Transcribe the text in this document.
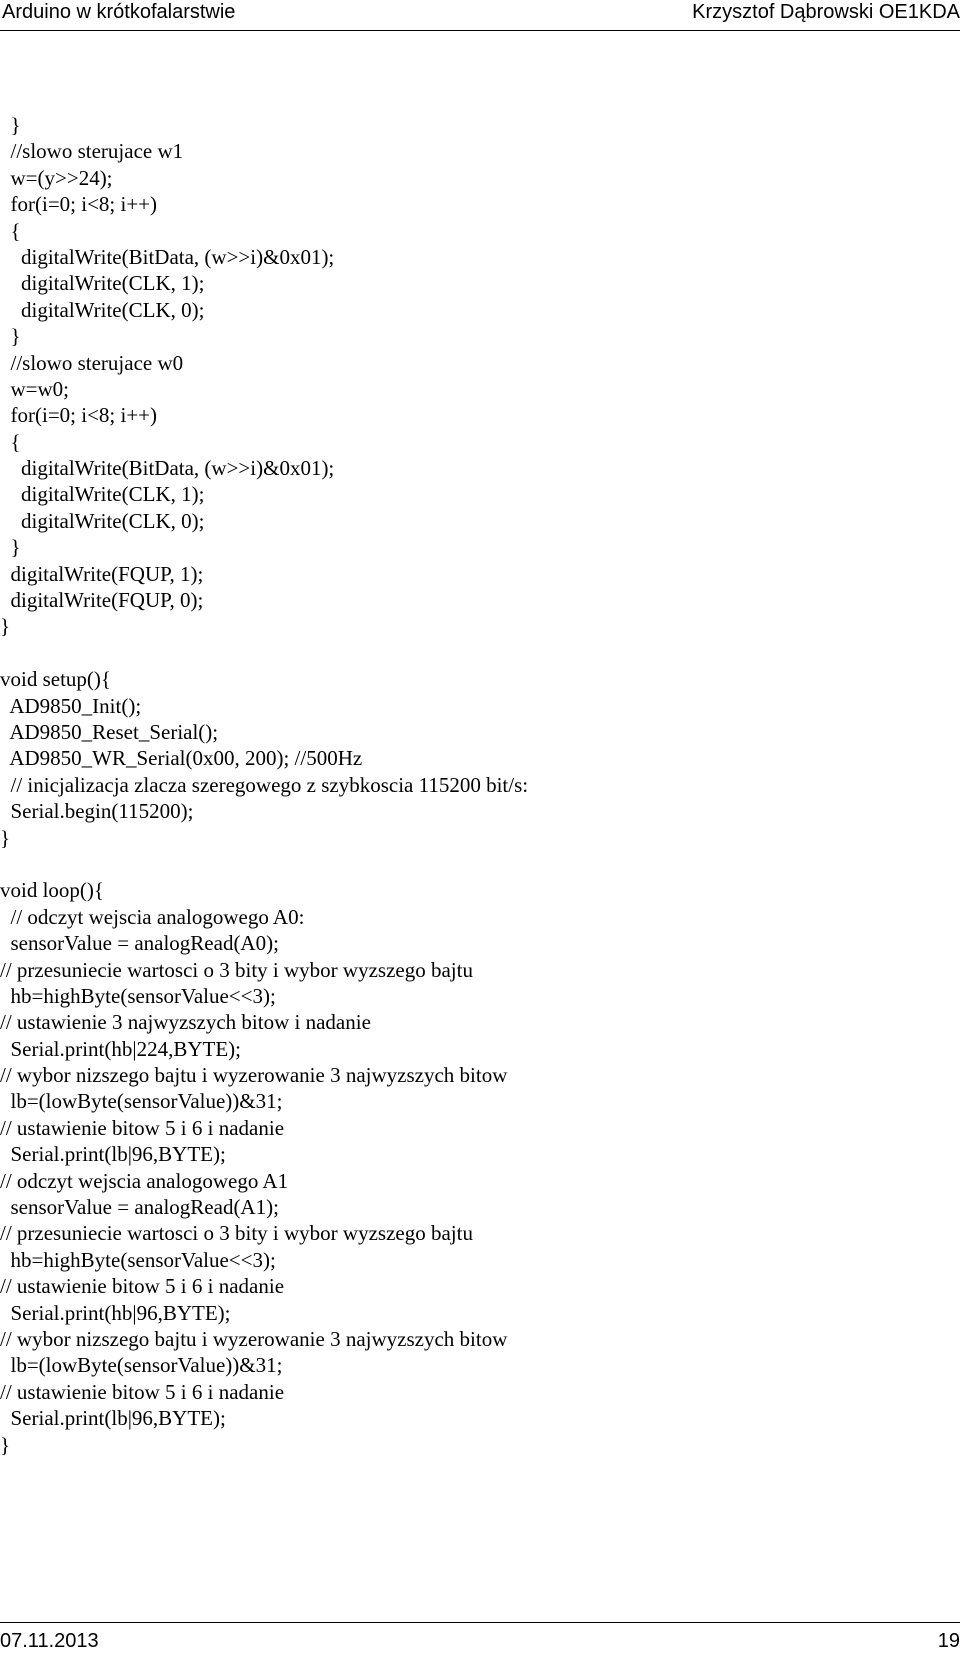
Arduino w krótkofalarstwie	Krzysztof Dąbrowski OE1KDA
}
//slowo sterujace w1
w=(y>>24);
for(i=0; i<8; i++)
{
digitalWrite(BitData, (w>>i)&0x01);
digitalWrite(CLK, 1);
digitalWrite(CLK, 0);
}
//slowo sterujace w0
w=w0;
for(i=0; i<8; i++)
{
digitalWrite(BitData, (w>>i)&0x01);
digitalWrite(CLK, 1);
digitalWrite(CLK, 0);
}
digitalWrite(FQUP, 1);
digitalWrite(FQUP, 0);
}
void setup(){
AD9850_Init();
AD9850_Reset_Serial();
AD9850_WR_Serial(0x00, 200); //500Hz
// inicjalizacja zlacza szeregowego z szybkoscia 115200 bit/s:
Serial.begin(115200);
}
void loop(){
// odczyt wejscia analogowego A0:
sensorValue = analogRead(A0);
// przesuniecie wartosci o 3 bity i wybor wyzszego bajtu
hb=highByte(sensorValue<<3);
// ustawienie 3 najwyzszych bitow i nadanie
Serial.print(hb|224,BYTE);
// wybor nizszego bajtu i wyzerowanie 3 najwyzszych bitow
lb=(lowByte(sensorValue))&31;
// ustawienie bitow 5 i 6 i nadanie
Serial.print(lb|96,BYTE);
// odczyt wejscia analogowego A1
sensorValue = analogRead(A1);
// przesuniecie wartosci o 3 bity i wybor wyzszego bajtu
hb=highByte(sensorValue<<3);
// ustawienie bitow 5 i 6 i nadanie
Serial.print(hb|96,BYTE);
// wybor nizszego bajtu i wyzerowanie 3 najwyzszych bitow
lb=(lowByte(sensorValue))&31;
// ustawienie bitow 5 i 6 i nadanie
Serial.print(lb|96,BYTE);
}
07.11.2013	19
